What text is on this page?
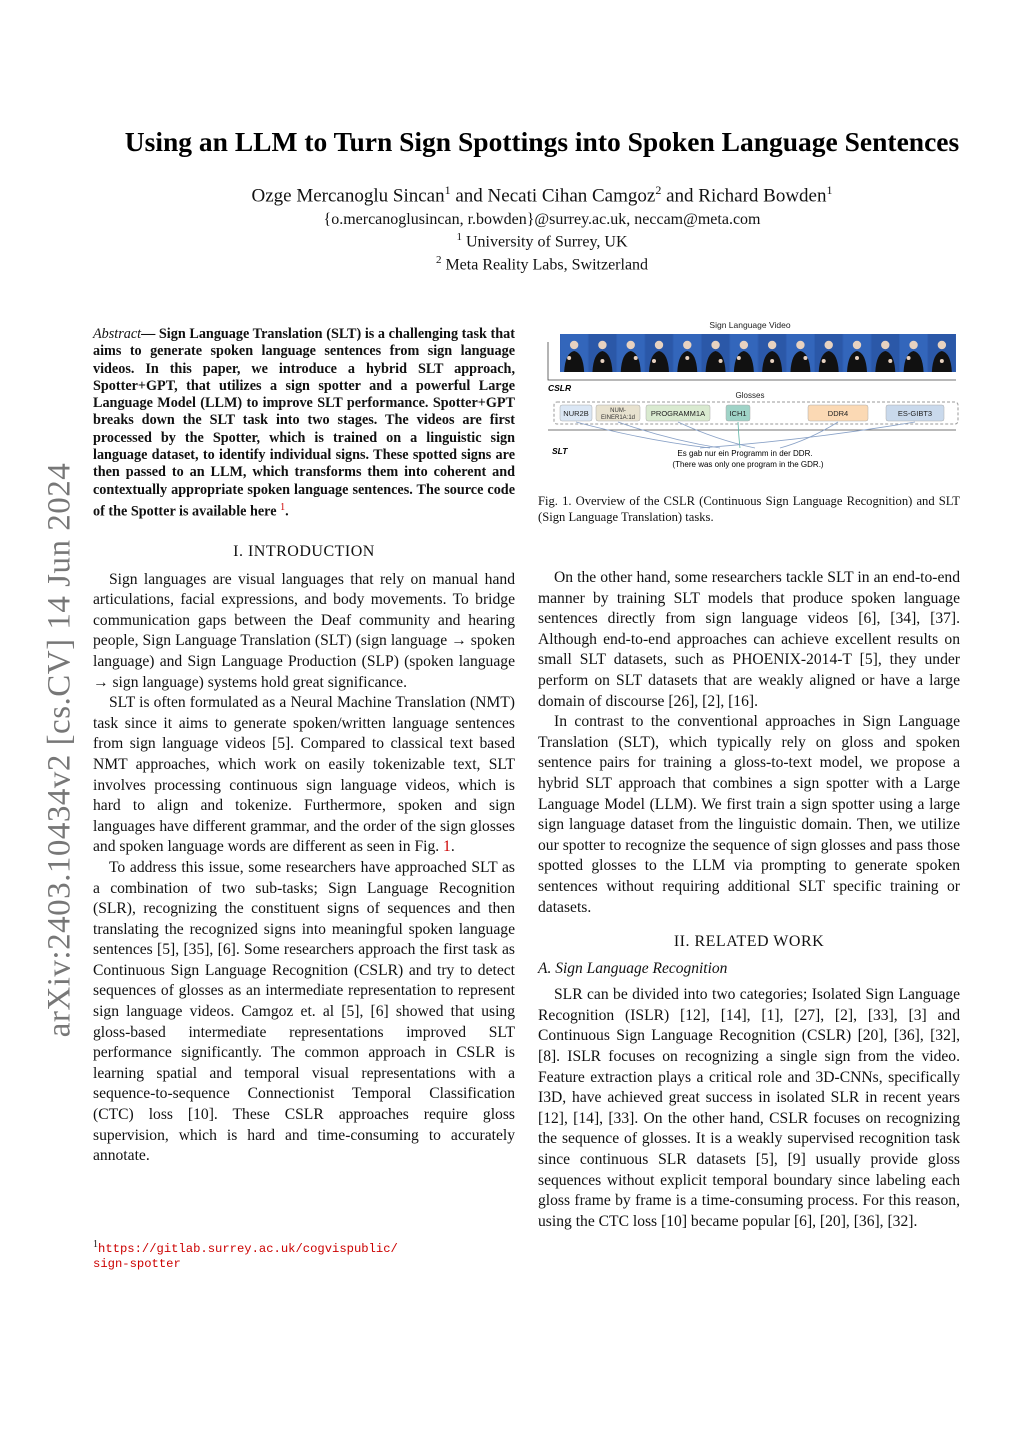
arXiv:2403.10434v2 [cs.CV] 14 Jun 2024
Using an LLM to Turn Sign Spottings into Spoken Language Sentences
Ozge Mercanoglu Sincan$^1$ and Necati Cihan Camgoz$^2$ and Richard Bowden$^1$
{o.mercanoglusincan, r.bowden}@surrey.ac.uk, neccam@meta.com
$^1$ University of Surrey, UK
$^2$ Meta Reality Labs, Switzerland
Abstract— Sign Language Translation (SLT) is a challenging task that aims to generate spoken language sentences from sign language videos. In this paper, we introduce a hybrid SLT approach, Spotter+GPT, that utilizes a sign spotter and a powerful Large Language Model (LLM) to improve SLT performance. Spotter+GPT breaks down the SLT task into two stages. The videos are first processed by the Spotter, which is trained on a linguistic sign language dataset, to identify individual signs. These spotted signs are then passed to an LLM, which transforms them into coherent and contextually appropriate spoken language sentences. The source code of the Spotter is available here $^1$.
I. INTRODUCTION

Sign languages are visual languages that rely on manual hand articulations, facial expressions, and body movements. To bridge communication gaps between the Deaf community and hearing people, Sign Language Translation (SLT) (sign language → spoken language) and Sign Language Production (SLP) (spoken language → sign language) systems hold great significance.

SLT is often formulated as a Neural Machine Translation (NMT) task since it aims to generate spoken/written language sentences from sign language videos [5]. Compared to classical text based NMT approaches, which work on easily tokenizable text, SLT involves processing continuous sign language videos, which is hard to align and tokenize. Furthermore, spoken and sign languages have different grammar, and the order of the sign glosses and spoken language words are different as seen in Fig. 1.

To address this issue, some researchers have approached SLT as a combination of two sub-tasks; Sign Language Recognition (SLR), recognizing the constituent signs of sequences and then translating the recognized signs into meaningful spoken language sentences [5], [35], [6]. Some researchers approach the first task as Continuous Sign Language Recognition (CSLR) and try to detect sequences of glosses as an intermediate representation to represent sign language videos. Camgoz et. al [5], [6] showed that using gloss-based intermediate representations improved SLT performance significantly. The common approach in CSLR is learning spatial and temporal visual representations with a sequence-to-sequence Connectionist Temporal Classification (CTC) loss [10]. These CSLR approaches require gloss supervision, which is hard and time-consuming to accurately annotate.

$^1$https://gitlab.surrey.ac.uk/cogvispublic/
sign-spotter
Sign Language Video
CSLR
Glosses
NUR2B	NUM-
EINER1A:1d PROGRAMM1A	ICH1	DDR4	ES-GIBT3
SLT	Es gab nur ein Programm in der DDR.
(There was only one program in the GDR.)
Fig. 1. Overview of the CSLR (Continuous Sign Language Recognition) and SLT (Sign Language Translation) tasks.

On the other hand, some researchers tackle SLT in an end-to-end manner by training SLT models that produce spoken language sentences directly from sign language videos [6], [34], [37]. Although end-to-end approaches can achieve excellent results on small SLT datasets, such as PHOENIX-2014-T [5], they under perform on SLT datasets that are weakly aligned or have a large domain of discourse [26], [2], [16].

In contrast to the conventional approaches in Sign Language Translation (SLT), which typically rely on gloss and spoken sentence pairs for training a gloss-to-text model, we propose a hybrid SLT approach that combines a sign spotter with a Large Language Model (LLM). We first train a sign spotter using a large sign language dataset from the linguistic domain. Then, we utilize our spotter to recognize the sequence of sign glosses and pass those spotted glosses to the LLM via prompting to generate spoken sentences without requiring additional SLT specific training or datasets.

II. RELATED WORK
A. Sign Language Recognition

SLR can be divided into two categories; Isolated Sign Language Recognition (ISLR) [12], [14], [1], [27], [2], [33], [3] and Continuous Sign Language Recognition (CSLR) [20], [36], [32], [8]. ISLR focuses on recognizing a single sign from the video. Feature extraction plays a critical role and 3D-CNNs, specifically I3D, have achieved great success in isolated SLR in recent years [12], [14], [33]. On the other hand, CSLR focuses on recognizing the sequence of glosses. It is a weakly supervised recognition task since continuous SLR datasets [5], [9] usually provide gloss sequences without explicit temporal boundary since labeling each gloss frame by frame is a time-consuming process. For this reason, using the CTC loss [10] became popular [6], [20], [36], [32].
